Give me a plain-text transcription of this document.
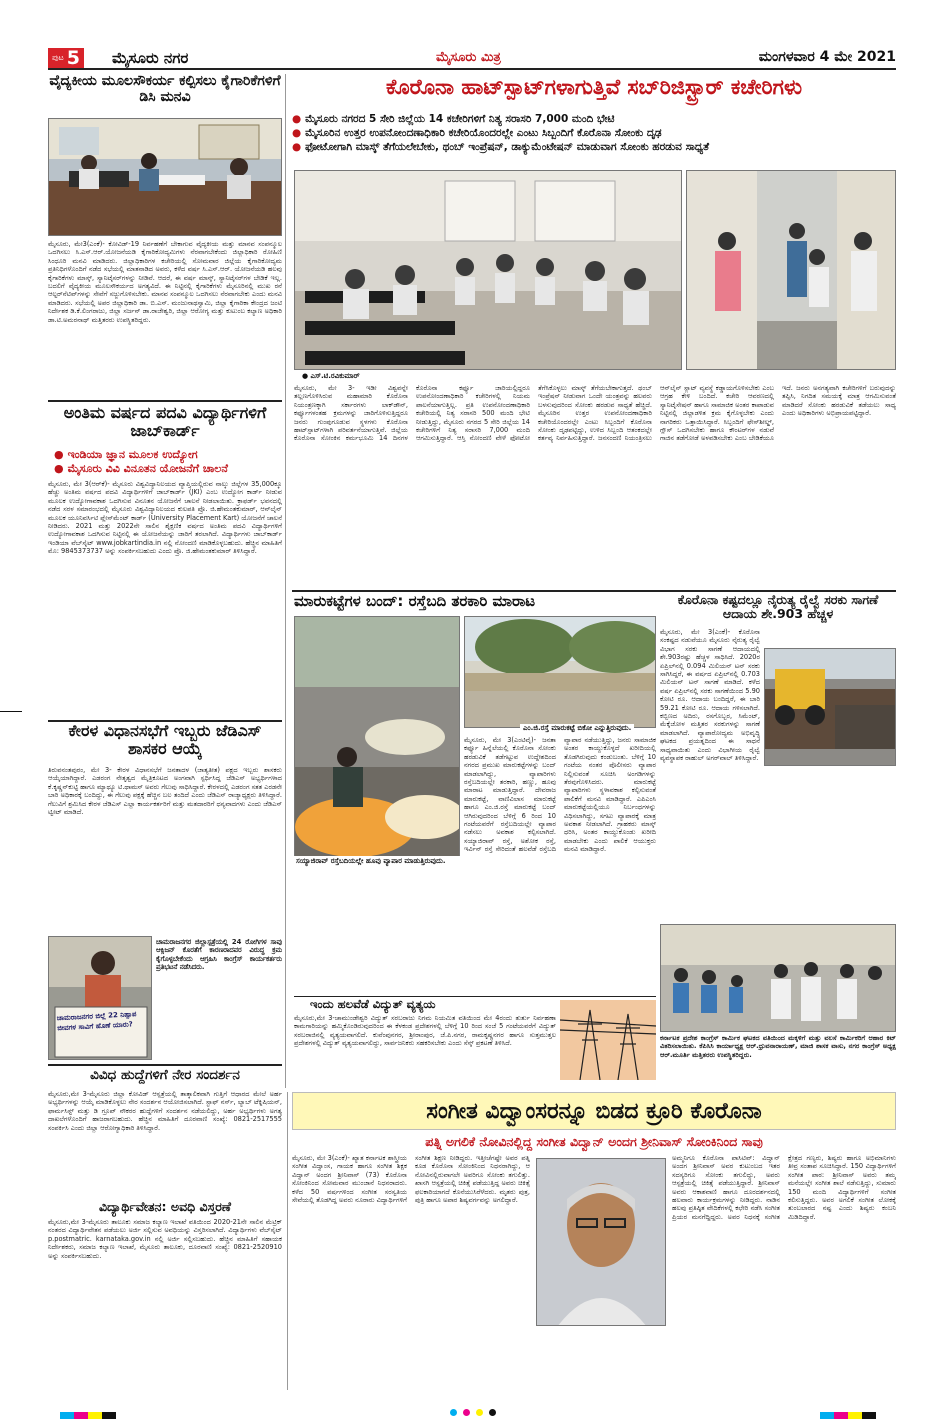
ಪುಟ 5 ಮೈಸೂರು ನಗರ	ಮೈಸೂರು ಮಿತ್ರ	ಮಂಗಳವಾರ 4 ಮೇ 2021
ವೈದ್ಯಕೀಯ ಮೂಲಸೌಕರ್ಯ ಕಲ್ಪಿಸಲು ಕೈಗಾರಿಕೆಗಳಿಗೆ ಡಿಸಿ ಮನವಿ
ಮೈಸೂರು, ಮೇ3(ಎಂಕೆ)- ಕೋವಿಡ್-19 ನಿರ್ವಹಣೆಗೆ ಬೇಕಾಗುವ ವೈದ್ಯಕೀಯ ಮತ್ತು ಮಾನವ ಸಂಪನ್ಮೂಲ ಒದಗಿಸಲು ಸಿ.ಎಸ್.ಆರ್.ಯೋಜನೆಯಡಿ ಕೈಗಾರಿಕೋದ್ಯಮಿಗಳು ನೆರವಾಗಬೇಕೆಂದು ಜಿಲ್ಲಾಧಿಕಾರಿ ರೋಹಿಣಿ ಸಿಂಧೂರಿ ಮನವಿ ಮಾಡಿದರು. ಜಿಲ್ಲಾಧಿಕಾರಿಗಳ ಕಚೇರಿಯಲ್ಲಿ ಸೋಮವಾರ ಜಿಲ್ಲೆಯ ಕೈಗಾರಿಕೋದ್ಯಮ ಪ್ರತಿನಿಧಿಗಳೊಂದಿಗೆ ನಡೆದ ಸಭೆಯಲ್ಲಿ ಮಾತನಾಡಿದ ಅವರು, ಕಳೆದ ವರ್ಷ ಸಿ.ಎಸ್.ಆರ್. ಯೋಜನೆಯಡಿ ಹಲವು ಕೈಗಾರಿಕೆಗಳು ಮಾಸ್ಕ್, ಸ್ಯಾನಿಟೈಸರ್‌ಗಳನ್ನು ನೀಡಿವೆ. ಆದರೆ, ಈ ವರ್ಷ ಮಾಸ್ಕ್, ಸ್ಯಾನಿಟೈಸರ್‌ಗಳ ಬೇಡಿಕೆ ಇಲ್ಲ. ಬದಲಿಗೆ ವೈದ್ಯಕೀಯ ಮೂಲಸೌಕರ್ಯದ ಅಗತ್ಯವಿದೆ. ಈ ನಿಟ್ಟಿನಲ್ಲಿ ಕೈಗಾರಿಕೆಗಳು ಮೈಸೂರಿನಲ್ಲಿ ಮುಖ ರನೆ ಆಲ್ಟರ್‌ನೆಟಿವ್‌ಗಳನ್ನು ಸೇವೆಗೆ ಸಜ್ಜುಗೊಳಿಸಬೇಕು. ಮಾನವ ಸಂಪನ್ಮೂಲ ಒದಗಿಸಲು ನೆರವಾಗಬೇಕು ಎಂದು ಮನವಿ ಮಾಡಿದರು. ಸಭೆಯಲ್ಲಿ ಅಪರ ಜಿಲ್ಲಾಧಿಕಾರಿ ಡಾ. ಬಿ.ಎಸ್. ಮಂಜುನಾಥಸ್ವಾಮಿ, ಜಿಲ್ಲಾ ಕೈಗಾರಿಕಾ ಕೇಂದ್ರದ ಜಂಟಿ ನಿರ್ದೇಶಕ ಡಿ.ಕೆ.ಲಿಂಗರಾಜು, ಜಿಲ್ಲಾ ಸರ್ಜನ್ ಡಾ.ರಾಜೇಶ್ವರಿ, ಜಿಲ್ಲಾ ಆರೋಗ್ಯ ಮತ್ತು ಕುಟುಂಬ ಕಲ್ಯಾಣ ಅಧಿಕಾರಿ ಡಾ.ಟಿ.ಅಮರನಾಥ್ ಮತ್ತಿತರರು ಉಪಸ್ಥಿತರಿದ್ದರು.
ಅಂತಿಮ ವರ್ಷದ ಪದವಿ ವಿದ್ಯಾರ್ಥಿಗಳಿಗೆ ಜಾಬ್‌ಕಾರ್ಡ್
● ಇಂಡಿಯಾ ಜ್ಞಾನ ಮೂಲಕ ಉದ್ಯೋಗ
● ಮೈಸೂರು ವಿವಿ ವಿನೂತನ ಯೋಜನೆಗೆ ಚಾಲನೆ
ಮೈಸೂರು, ಮೇ 3(ಆರ್‌ಕೆ)- ಮೈಸೂರು ವಿಶ್ವವಿದ್ಯಾನಿಲಯದ ವ್ಯಾಪ್ತಿಯಲ್ಲಿರುವ ನಾಲ್ಕು ಜಿಲ್ಲೆಗಳ 35,000ಕ್ಕೂ ಹೆಚ್ಚು ಅಂತಿಮ ವರ್ಷದ ಪದವಿ ವಿದ್ಯಾರ್ಥಿಗಳಿಗೆ ಜಾಬ್‌ಕಾರ್ಡ್ (JKI) ಎಂಬ ಉದ್ಯೋಗ ಕಾರ್ಡ್ ನೀಡುವ ಮೂಲಕ ಉದ್ಯೋಗಾವಕಾಶ ಒದಗಿಸುವ ವಿನೂತನ ಯೋಜನೆಗೆ ಚಾಲನೆ ನೀಡಲಾಯಿತು. ಕ್ರಾಫರ್ಡ್ ಭವನದಲ್ಲಿ ನಡೆದ ಸರಳ ಸಮಾರಂಭದಲ್ಲಿ ಮೈಸೂರು ವಿಶ್ವವಿದ್ಯಾನಿಲಯದ ಕುಲಪತಿ ಪ್ರೊ. ಜಿ.ಹೇಮಂತಕುಮಾರ್, ಆನ್‌ಲೈನ್ ಮೂಲಕ ಯೂನಿವರ್ಸಿಟಿ ಪ್ಲೇಸ್‌ಮೆಂಟ್ ಕಾರ್ಡ್ (University Placement Kart) ಯೋಜನೆಗೆ ಚಾಲನೆ ನೀಡಿದರು. 2021 ಮತ್ತು 2022ನೇ ಸಾಲಿನ ಶೈಕ್ಷಣಿಕ ವರ್ಷದ ಅಂತಿಮ ಪದವಿ ವಿದ್ಯಾರ್ಥಿಗಳಿಗೆ ಉದ್ಯೋಗಾವಕಾಶ ಒದಗಿಸುವ ನಿಟ್ಟಿನಲ್ಲಿ ಈ ಯೋಜನೆಯನ್ನು ಜಾರಿಗೆ ತರಲಾಗಿದೆ. ವಿದ್ಯಾರ್ಥಿಗಳು ಜಾಬ್‌ಕಾರ್ಡ್ ಇಂಡಿಯಾ ವೆಬ್‌ಸೈಟ್ www.jobkartindia.in ನಲ್ಲಿ ನೋಂದಣಿ ಮಾಡಿಕೊಳ್ಳಬಹುದು. ಹೆಚ್ಚಿನ ಮಾಹಿತಿಗೆ ಮೊ: 9845373737 ಅನ್ನು ಸಂಪರ್ಕಿಸಬಹುದು ಎಂದು ಪ್ರೊ. ಜಿ.ಹೇಮಂತಕುಮಾರ್ ತಿಳಿಸಿದ್ದಾರೆ.
ಕೇರಳ ವಿಧಾನಸಭೆಗೆ ಇಬ್ಬರು ಜೆಡಿಎಸ್ ಶಾಸಕರ ಆಯ್ಕೆ
ತಿರುವನಂತಪುರಂ, ಮೇ 3- ಕೇರಳ ವಿಧಾನಸಭೆಗೆ ಜನತಾದಳ (ಜಾತ್ಯತೀತ) ಪಕ್ಷದ ಇಬ್ಬರು ಶಾಸಕರು ಆಯ್ಕೆಯಾಗಿದ್ದಾರೆ. ಎಡರಂಗ ನೇತೃತ್ವದ ಮೈತ್ರಿಕೂಟದ ಅಂಗವಾಗಿ ಸ್ಪರ್ಧಿಸಿದ್ದ ಜೆಡಿಎಸ್ ಅಭ್ಯರ್ಥಿಗಳಾದ ಕೆ.ಕೃಷ್ಣನ್‌ಕುಟ್ಟಿ ಹಾಗೂ ಮ್ಯಾಥ್ಯೂ ಟಿ.ಥಾಮಸ್ ಅವರು ಗೆಲುವು ಸಾಧಿಸಿದ್ದಾರೆ. ಕೇರಳದಲ್ಲಿ ಎಡರಂಗ ಸತತ ಎರಡನೇ ಬಾರಿ ಅಧಿಕಾರಕ್ಕೆ ಬಂದಿದ್ದು, ಈ ಗೆಲುವು ಪಕ್ಷಕ್ಕೆ ಹೆಚ್ಚಿನ ಬಲ ತಂದಿದೆ ಎಂದು ಜೆಡಿಎಸ್ ರಾಜ್ಯಾಧ್ಯಕ್ಷರು ತಿಳಿಸಿದ್ದಾರೆ. ಗೆಲುವಿಗೆ ಶ್ರಮಿಸಿದ ಕೇರಳ ಜೆಡಿಎಸ್ ಎಲ್ಲಾ ಕಾರ್ಯಕರ್ತರಿಗೆ ಮತ್ತು ಮತದಾರರಿಗೆ ಧನ್ಯವಾದಗಳು ಎಂದು ಜೆಡಿಎಸ್ ಟ್ವೀಟ್ ಮಾಡಿದೆ.
ಚಾಮರಾಜನಗರ ಜಿಲ್ಲೆ 22 ನಿಷ್ಪಾಪ ಜೀವಗಳ ಸಾವಿಗೆ ಹೊಣೆ ಯಾರು?
ಚಾಮರಾಜನಗರ ಜಿಲ್ಲಾಸ್ಪತ್ರೆಯಲ್ಲಿ 24 ರೋಗಿಗಳ ಸಾವು ಆಕ್ಸಿಜನ್ ಕೊರತೆಗೆ ಕಾರಣರಾದವರ ವಿರುದ್ಧ ಕ್ರಮ ಕೈಗೊಳ್ಳಬೇಕೆಂದು ಆಗ್ರಹಿಸಿ ಕಾಂಗ್ರೆಸ್ ಕಾರ್ಯಕರ್ತರು ಪ್ರತಿಭಟನೆ ನಡೆಸಿದರು.
ವಿವಿಧ ಹುದ್ದೆಗಳಿಗೆ ನೇರ ಸಂದರ್ಶನ
ಮೈಸೂರು,ಮೇ 3-ಮೈಸೂರು ಜಿಲ್ಲಾ ಕೋವಿಡ್ ಆಸ್ಪತ್ರೆಯಲ್ಲಿ ತಾತ್ಕಾಲಿಕವಾಗಿ ಗುತ್ತಿಗೆ ಆಧಾರದ ಮೇಲೆ ಅರ್ಹ ಅಭ್ಯರ್ಥಿಗಳನ್ನು ಆಯ್ಕೆ ಮಾಡಿಕೊಳ್ಳಲು ನೇರ ಸಂದರ್ಶನ ಆಯೋಜಿಸಲಾಗಿದೆ. ಸ್ಟಾಫ್ ನರ್ಸ್, ಲ್ಯಾಬ್ ಟೆಕ್ನಿಷಿಯನ್, ಫಾರ್ಮಸಿಸ್ಟ್ ಮತ್ತು ಡಿ ಗ್ರೂಪ್ ನೌಕರರ ಹುದ್ದೆಗಳಿಗೆ ಸಂದರ್ಶನ ನಡೆಯಲಿದ್ದು, ಅರ್ಹ ಅಭ್ಯರ್ಥಿಗಳು ಅಗತ್ಯ ದಾಖಲೆಗಳೊಂದಿಗೆ ಹಾಜರಾಗಬಹುದು. ಹೆಚ್ಚಿನ ಮಾಹಿತಿಗೆ ದೂರವಾಣಿ ಸಂಖ್ಯೆ: 0821-2517555 ಸಂಪರ್ಕಿಸಿ ಎಂದು ಜಿಲ್ಲಾ ಆರೋಗ್ಯಾಧಿಕಾರಿ ತಿಳಿಸಿದ್ದಾರೆ.
ವಿದ್ಯಾರ್ಥಿವೇತನ: ಅವಧಿ ವಿಸ್ತರಣೆ
ಮೈಸೂರು,ಮೇ 3-ಮೈಸೂರು ತಾಲೂಕು ಸಮಾಜ ಕಲ್ಯಾಣ ಇಲಾಖೆ ವತಿಯಿಂದ 2020-21ನೇ ಸಾಲಿನ ಮೆಟ್ರಿಕ್ ನಂತರದ ವಿದ್ಯಾರ್ಥಿವೇತನ ಪಡೆಯಲು ಅರ್ಜಿ ಸಲ್ಲಿಸುವ ಅವಧಿಯನ್ನು ವಿಸ್ತರಿಸಲಾಗಿದೆ. ವಿದ್ಯಾರ್ಥಿಗಳು ವೆಬ್‌ಸೈಟ್ p.postmatric. karnataka.gov.in ನಲ್ಲಿ ಅರ್ಜಿ ಸಲ್ಲಿಸಬಹುದು. ಹೆಚ್ಚಿನ ಮಾಹಿತಿಗೆ ಸಹಾಯಕ ನಿರ್ದೇಶಕರು, ಸಮಾಜ ಕಲ್ಯಾಣ ಇಲಾಖೆ, ಮೈಸೂರು ತಾಲೂಕು, ದೂರವಾಣಿ ಸಂಖ್ಯೆ: 0821-2520910 ಅನ್ನು ಸಂಪರ್ಕಿಸಬಹುದು.
ಕೊರೊನಾ ಹಾಟ್‌ಸ್ಪಾಟ್‌ಗಳಾಗುತ್ತಿವೆ ಸಬ್‌ರಿಜಿಸ್ಟ್ರಾರ್ ಕಚೇರಿಗಳು
● ಮೈಸೂರು ನಗರದ 5 ಸೇರಿ ಜಿಲ್ಲೆಯ 14 ಕಚೇರಿಗಳಿಗೆ ನಿತ್ಯ ಸರಾಸರಿ 7,000 ಮಂದಿ ಭೇಟಿ
● ಮೈಸೂರಿನ ಉತ್ತರ ಉಪನೋಂದಣಾಧಿಕಾರಿ ಕಚೇರಿಯೊಂದರಲ್ಲೇ ಎಂಟು ಸಿಬ್ಬಂದಿಗೆ ಕೊರೊನಾ ಸೋಂಕು ದೃಢ
● ಫೋಟೋಗಾಗಿ ಮಾಸ್ಕ್ ತೆಗೆಯಲೇಬೇಕು, ಥಂಬ್ ಇಂಪ್ರೆಷನ್, ಡಾಕ್ಯುಮೆಂಟೇಷನ್ ಮಾಡುವಾಗ ಸೋಂಕು ಹರಡುವ ಸಾಧ್ಯತೆ
● ಎಸ್.ಟಿ.ರವಿಕುಮಾರ್
ಮೈಸೂರು, ಮೇ 3- ಇಡೀ ವಿಶ್ವವನ್ನೇ ತಲ್ಲಣಗೊಳಿಸಿರುವ ಮಹಾಮಾರಿ ಕೊರೊನಾ ನಿಯಂತ್ರಣಕ್ಕಾಗಿ ಸರ್ಕಾರಗಳು ಲಾಕ್‌ಡೌನ್, ಕರ್ಫ್ಯೂಗಳಂತಹ ಕ್ರಮಗಳನ್ನು ಜಾರಿಗೊಳಿಸುತ್ತಿದ್ದರೂ ಜನರು ಗುಂಪುಗೂಡುವ ಸ್ಥಳಗಳು ಕೊರೊನಾ ಹಾಟ್‌ಸ್ಪಾಟ್‌ಗಳಾಗಿ ಪರಿವರ್ತನೆಯಾಗುತ್ತಿವೆ. ಜಿಲ್ಲೆಯ ಕೊರೊನಾ ಸೋಂಕಿನ ಕರ್ಮಭೂಮಿ 14 ದಿನಗಳ ಕೊರೊನಾ ಕರ್ಫ್ಯೂ ಜಾರಿಯಲ್ಲಿದ್ದರೂ ಉಪನೋಂದಣಾಧಿಕಾರಿ ಕಚೇರಿಗಳಲ್ಲಿ ನಿಯಮ ಪಾಲನೆಯಾಗುತ್ತಿಲ್ಲ. ಪ್ರತಿ ಉಪನೋಂದಣಾಧಿಕಾರಿ ಕಚೇರಿಯಲ್ಲಿ ನಿತ್ಯ ಸರಾಸರಿ 500 ಮಂದಿ ಭೇಟಿ ನೀಡುತ್ತಿದ್ದು, ಮೈಸೂರು ನಗರದ 5 ಸೇರಿ ಜಿಲ್ಲೆಯ 14 ಕಚೇರಿಗಳಿಗೆ ನಿತ್ಯ ಸರಾಸರಿ 7,000 ಮಂದಿ ಆಗಮಿಸುತ್ತಿದ್ದಾರೆ. ಆಸ್ತಿ ನೋಂದಣಿ ವೇಳೆ ಫೋಟೋ ತೆಗೆಸಿಕೊಳ್ಳಲು ಮಾಸ್ಕ್ ತೆಗೆಯಬೇಕಾಗುತ್ತದೆ. ಥಂಬ್ ಇಂಪ್ರೆಷನ್ ನೀಡುವಾಗ ಒಂದೇ ಯಂತ್ರವನ್ನು ಹಲವರು ಬಳಸುವುದರಿಂದ ಸೋಂಕು ಹರಡುವ ಸಾಧ್ಯತೆ ಹೆಚ್ಚಿದೆ. ಮೈಸೂರಿನ ಉತ್ತರ ಉಪನೋಂದಣಾಧಿಕಾರಿ ಕಚೇರಿಯೊಂದರಲ್ಲೇ ಎಂಟು ಸಿಬ್ಬಂದಿಗೆ ಕೊರೊನಾ ಸೋಂಕು ದೃಢಪಟ್ಟಿದ್ದು, ಉಳಿದ ಸಿಬ್ಬಂದಿ ಆತಂಕದಲ್ಲೇ ಕರ್ತವ್ಯ ನಿರ್ವಹಿಸುತ್ತಿದ್ದಾರೆ. ಜನಸಂದಣಿ ನಿಯಂತ್ರಿಸಲು ಆನ್‌ಲೈನ್ ಸ್ಲಾಟ್ ವ್ಯವಸ್ಥೆ ಕಡ್ಡಾಯಗೊಳಿಸಬೇಕು ಎಂಬ ಆಗ್ರಹ ಕೇಳಿ ಬಂದಿದೆ. ಕಚೇರಿ ಆವರಣದಲ್ಲಿ ಸ್ಯಾನಿಟೈಸೇಷನ್ ಹಾಗೂ ಸಾಮಾಜಿಕ ಅಂತರ ಕಾಪಾಡುವ ನಿಟ್ಟಿನಲ್ಲಿ ಜಿಲ್ಲಾಡಳಿತ ಕ್ರಮ ಕೈಗೊಳ್ಳಬೇಕು ಎಂದು ನಾಗರಿಕರು ಒತ್ತಾಯಿಸಿದ್ದಾರೆ. ಸಿಬ್ಬಂದಿಗೆ ಫೇಸ್‌ಶೀಲ್ಡ್, ಗ್ಲೌಸ್ ಒದಗಿಸಬೇಕು ಹಾಗೂ ಕೌಂಟರ್‌ಗಳ ನಡುವೆ ಗಾಜಿನ ತಡೆಗೋಡೆ ಅಳವಡಿಸಬೇಕು ಎಂಬ ಬೇಡಿಕೆಯೂ ಇದೆ. ಜನರು ಅನಗತ್ಯವಾಗಿ ಕಚೇರಿಗಳಿಗೆ ಬರುವುದನ್ನು ತಪ್ಪಿಸಿ, ನಿಗದಿತ ಸಮಯಕ್ಕೆ ಮಾತ್ರ ಆಗಮಿಸುವಂತೆ ಮಾಡಿದರೆ ಸೋಂಕು ಹರಡುವಿಕೆ ತಡೆಯಲು ಸಾಧ್ಯ ಎಂದು ಅಧಿಕಾರಿಗಳು ಅಭಿಪ್ರಾಯಪಟ್ಟಿದ್ದಾರೆ.
ಮಾರುಕಟ್ಟೆಗಳ ಬಂದ್: ರಸ್ತೆಬದಿ ತರಕಾರಿ ಮಾರಾಟ
ಸಯ್ಯಾಜಿರಾವ್ ರಸ್ತೆಬದಿಯಲ್ಲೇ ಹೂವು ವ್ಯಾಪಾರ ಮಾಡುತ್ತಿರುವುದು.
ಎಂ.ಜಿ.ರಸ್ತೆ ಮಾರುಕಟ್ಟೆ ಬಿಕೋ ಎನ್ನುತ್ತಿರುವುದು.
ಮೈಸೂರು, ಮೇ 3(ಎಂಟಿವೈ)- ಜನತಾ ಕರ್ಫ್ಯೂ ಹಿನ್ನೆಲೆಯಲ್ಲಿ ಕೊರೊನಾ ಸೋಂಕು ಹರಡುವಿಕೆ ತಡೆಗಟ್ಟುವ ಉದ್ದೇಶದಿಂದ ನಗರದ ಪ್ರಮುಖ ಮಾರುಕಟ್ಟೆಗಳನ್ನು ಬಂದ್ ಮಾಡಲಾಗಿದ್ದು, ವ್ಯಾಪಾರಿಗಳು ರಸ್ತೆಬದಿಯಲ್ಲೇ ತರಕಾರಿ, ಹಣ್ಣು, ಹೂವು ಮಾರಾಟ ಮಾಡುತ್ತಿದ್ದಾರೆ. ದೇವರಾಜ ಮಾರುಕಟ್ಟೆ, ವಾಣಿವಿಲಾಸ ಮಾರುಕಟ್ಟೆ ಹಾಗೂ ಎಂ.ಜಿ.ರಸ್ತೆ ಮಾರುಕಟ್ಟೆ ಬಂದ್ ಆಗಿರುವುದರಿಂದ ಬೆಳಿಗ್ಗೆ 6 ರಿಂದ 10 ಗಂಟೆಯವರೆಗೆ ರಸ್ತೆಬದಿಯಲ್ಲೇ ವ್ಯಾಪಾರ ನಡೆಸಲು ಅವಕಾಶ ಕಲ್ಪಿಸಲಾಗಿದೆ. ಸಯ್ಯಾಜಿರಾವ್ ರಸ್ತೆ, ಅಶೋಕ ರಸ್ತೆ, ಇರ್ವಿನ್ ರಸ್ತೆ ಸೇರಿದಂತೆ ಹಲವೆಡೆ ರಸ್ತೆಬದಿ ವ್ಯಾಪಾರ ನಡೆಯುತ್ತಿದ್ದು, ಜನರು ಸಾಮಾಜಿಕ ಅಂತರ ಕಾಯ್ದುಕೊಳ್ಳದೆ ಖರೀದಿಯಲ್ಲಿ ತೊಡಗಿರುವುದು ಕಂಡುಬಂತು. ಬೆಳಿಗ್ಗೆ 10 ಗಂಟೆಯ ನಂತರ ಪೊಲೀಸರು ವ್ಯಾಪಾರ ನಿಲ್ಲಿಸುವಂತೆ ಸೂಚಿಸಿ ಅಂಗಡಿಗಳನ್ನು ತೆರವುಗೊಳಿಸಿದರು. ಮಾರುಕಟ್ಟೆ ವ್ಯಾಪಾರಿಗಳು ಸ್ಥಳಾವಕಾಶ ಕಲ್ಪಿಸುವಂತೆ ಪಾಲಿಕೆಗೆ ಮನವಿ ಮಾಡಿದ್ದಾರೆ. ಎಪಿಎಂಸಿ ಮಾರುಕಟ್ಟೆಯಲ್ಲಿಯೂ ನಿರ್ಬಂಧಗಳನ್ನು ವಿಧಿಸಲಾಗಿದ್ದು, ಸಗಟು ವ್ಯಾಪಾರಕ್ಕೆ ಮಾತ್ರ ಅವಕಾಶ ನೀಡಲಾಗಿದೆ. ಗ್ರಾಹಕರು ಮಾಸ್ಕ್ ಧರಿಸಿ, ಅಂತರ ಕಾಯ್ದುಕೊಂಡು ಖರೀದಿ ಮಾಡಬೇಕು ಎಂದು ಪಾಲಿಕೆ ಆಯುಕ್ತರು ಮನವಿ ಮಾಡಿದ್ದಾರೆ.
ಇಂದು ಹಲವೆಡೆ ವಿದ್ಯುತ್ ವ್ಯತ್ಯಯ
ಮೈಸೂರು,ಮೇ 3-ಚಾಮುಂಡೇಶ್ವರಿ ವಿದ್ಯುತ್ ಸರಬರಾಜು ನಿಗಮ ನಿಯಮಿತ ವತಿಯಿಂದ ಮೇ 4ರಂದು ತುರ್ತು ನಿರ್ವಹಣಾ ಕಾಮಗಾರಿಯನ್ನು ಹಮ್ಮಿಕೊಂಡಿರುವುದರಿಂದ ಈ ಕೆಳಕಂಡ ಪ್ರದೇಶಗಳಲ್ಲಿ ಬೆಳಿಗ್ಗೆ 10 ರಿಂದ ಸಂಜೆ 5 ಗಂಟೆಯವರೆಗೆ ವಿದ್ಯುತ್ ಸರಬರಾಜಿನಲ್ಲಿ ವ್ಯತ್ಯಯವಾಗಲಿದೆ. ಕುವೆಂಪುನಗರ, ಶ್ರೀರಾಂಪುರ, ಜೆ.ಪಿ.ನಗರ, ರಾಮಕೃಷ್ಣನಗರ ಹಾಗೂ ಸುತ್ತಮುತ್ತಲ ಪ್ರದೇಶಗಳಲ್ಲಿ ವಿದ್ಯುತ್ ವ್ಯತ್ಯಯವಾಗಲಿದ್ದು, ಸಾರ್ವಜನಿಕರು ಸಹಕರಿಸಬೇಕು ಎಂದು ಸೆಸ್ಕ್ ಪ್ರಕಟಣೆ ತಿಳಿಸಿದೆ.
ಕೊರೊನಾ ಕಷ್ಟದಲ್ಲೂ ನೈರುತ್ಯ ರೈಲ್ವೆ ಸರಕು ಸಾಗಣೆ ಆದಾಯ ಶೇ.903 ಹೆಚ್ಚಳ
ಮೈಸೂರು, ಮೇ 3(ಎಂಕೆ)- ಕೊರೊನಾ ಸಂಕಷ್ಟದ ನಡುವೆಯೂ ಮೈಸೂರು ನೈರುತ್ಯ ರೈಲ್ವೆ ವಿಭಾಗ ಸರಕು ಸಾಗಣೆ ಆದಾಯದಲ್ಲಿ ಶೇ.903ರಷ್ಟು ಹೆಚ್ಚಳ ಸಾಧಿಸಿದೆ. 2020ರ ಏಪ್ರಿಲ್‌ನಲ್ಲಿ 0.094 ಮಿಲಿಯನ್ ಟನ್ ಸರಕು ಸಾಗಿಸಿದ್ದರೆ, ಈ ವರ್ಷದ ಏಪ್ರಿಲ್‌ನಲ್ಲಿ 0.703 ಮಿಲಿಯನ್ ಟನ್ ಸಾಗಣೆ ಮಾಡಿದೆ. ಕಳೆದ ವರ್ಷ ಏಪ್ರಿಲ್‌ನಲ್ಲಿ ಸರಕು ಸಾಗಣೆಯಿಂದ 5.90 ಕೋಟಿ ರೂ. ಆದಾಯ ಬಂದಿದ್ದರೆ, ಈ ಬಾರಿ 59.21 ಕೋಟಿ ರೂ. ಆದಾಯ ಗಳಿಸಲಾಗಿದೆ. ಕಬ್ಬಿಣದ ಅದಿರು, ರಸಗೊಬ್ಬರ, ಸಿಮೆಂಟ್, ಮೆಕ್ಕೆಜೋಳ ಮತ್ತಿತರ ಸರಕುಗಳನ್ನು ಸಾಗಣೆ ಮಾಡಲಾಗಿದೆ. ವ್ಯಾಪಾರೋದ್ಯಮ ಅಭಿವೃದ್ಧಿ ಘಟಕದ ಪ್ರಯತ್ನದಿಂದ ಈ ಸಾಧನೆ ಸಾಧ್ಯವಾಯಿತು ಎಂದು ವಿಭಾಗೀಯ ರೈಲ್ವೆ ವ್ಯವಸ್ಥಾಪಕ ರಾಹುಲ್ ಅಗರ್‌ವಾಲ್ ತಿಳಿಸಿದ್ದಾರೆ.
ಕರ್ನಾಟಕ ಪ್ರದೇಶ ಕಾಂಗ್ರೆಸ್ ಕಾರ್ಮಿಕ ಘಟಕದ ವತಿಯಿಂದ ಮಕ್ಕಳಿಗೆ ಮತ್ತು ವಲಸೆ ಕಾರ್ಮಿಕರಿಗೆ ಆಹಾರ ಕಿಟ್ ವಿತರಿಸಲಾಯಿತು. ಕೆಪಿಸಿಸಿ ಕಾರ್ಯಾಧ್ಯಕ್ಷ ಆರ್.ಧ್ರುವನಾರಾಯಣ್, ಮಾಜಿ ಶಾಸಕ ವಾಸು, ನಗರ ಕಾಂಗ್ರೆಸ್ ಅಧ್ಯಕ್ಷ ಆರ್.ಮೂರ್ತಿ ಮತ್ತಿತರರು ಉಪಸ್ಥಿತರಿದ್ದರು.
ಸಂಗೀತ ವಿದ್ವಾಂಸರನ್ನೂ ಬಿಡದ ಕ್ರೂರಿ ಕೊರೊನಾ
ಪತ್ನಿ ಅಗಲಿಕೆ ನೋವಿನಲ್ಲಿದ್ದ ಸಂಗೀತ ವಿದ್ವಾನ್ ಅಂದಗ ಶ್ರೀನಿವಾಸ್ ಸೋಂಕಿನಿಂದ ಸಾವು
ಮೈಸೂರು, ಮೇ 3(ಎಂಕೆ)- ಖ್ಯಾತ ಕರ್ನಾಟಕ ಶಾಸ್ತ್ರೀಯ ಸಂಗೀತ ವಿದ್ವಾಂಸ, ಗಾಯಕ ಹಾಗೂ ಸಂಗೀತ ಶಿಕ್ಷಕ ವಿದ್ವಾನ್ ಅಂದಗ ಶ್ರೀನಿವಾಸ್ (73) ಕೊರೊನಾ ಸೋಂಕಿನಿಂದ ಸೋಮವಾರ ಮುಂಜಾನೆ ನಿಧನರಾದರು. ಕಳೆದ 50 ವರ್ಷಗಳಿಂದ ಸಂಗೀತ ಸರಸ್ವತಿಯ ಸೇವೆಯಲ್ಲಿ ತೊಡಗಿದ್ದ ಅವರು ನೂರಾರು ವಿದ್ಯಾರ್ಥಿಗಳಿಗೆ ಸಂಗೀತ ಶಿಕ್ಷಣ ನೀಡಿದ್ದರು. ಇತ್ತೀಚೆಗಷ್ಟೇ ಅವರ ಪತ್ನಿ ಕೂಡ ಕೊರೊನಾ ಸೋಂಕಿನಿಂದ ನಿಧನರಾಗಿದ್ದು, ಆ ನೋವಿನಲ್ಲಿರುವಾಗಲೇ ಅವರಿಗೂ ಸೋಂಕು ತಗುಲಿತ್ತು. ಖಾಸಗಿ ಆಸ್ಪತ್ರೆಯಲ್ಲಿ ಚಿಕಿತ್ಸೆ ಪಡೆಯುತ್ತಿದ್ದ ಅವರು ಚಿಕಿತ್ಸೆ ಫಲಕಾರಿಯಾಗದೆ ಕೊನೆಯುಸಿರೆಳೆದರು. ಮೃತರು ಪುತ್ರ, ಪುತ್ರಿ ಹಾಗೂ ಅಪಾರ ಶಿಷ್ಯವರ್ಗವನ್ನು ಅಗಲಿದ್ದಾರೆ.
ಅಮ್ಮನಿಗೂ ಕೊರೊನಾ ಪಾಸಿಟಿವ್: ವಿದ್ವಾನ್ ಅಂದಗ ಶ್ರೀನಿವಾಸ್ ಅವರ ಕುಟುಂಬದ ಇತರ ಸದಸ್ಯರಿಗೂ ಸೋಂಕು ತಗುಲಿದ್ದು, ಅವರು ಆಸ್ಪತ್ರೆಯಲ್ಲಿ ಚಿಕಿತ್ಸೆ ಪಡೆಯುತ್ತಿದ್ದಾರೆ. ಶ್ರೀನಿವಾಸ್ ಅವರು ಆಕಾಶವಾಣಿ ಹಾಗೂ ದೂರದರ್ಶನದಲ್ಲಿ ಹಲವಾರು ಕಾರ್ಯಕ್ರಮಗಳನ್ನು ನೀಡಿದ್ದರು. ನಾಡಿನ ಹಲವು ಪ್ರತಿಷ್ಠಿತ ವೇದಿಕೆಗಳಲ್ಲಿ ಕಛೇರಿ ನಡೆಸಿ ಸಂಗೀತ ಪ್ರಿಯರ ಮನಗೆದ್ದಿದ್ದರು. ಅವರ ನಿಧನಕ್ಕೆ ಸಂಗೀತ ಕ್ಷೇತ್ರದ ಗಣ್ಯರು, ಶಿಷ್ಯರು ಹಾಗೂ ಅಭಿಮಾನಿಗಳು ತೀವ್ರ ಸಂತಾಪ ಸೂಚಿಸಿದ್ದಾರೆ. 150 ವಿದ್ಯಾರ್ಥಿಗಳಿಗೆ ಸಂಗೀತ ಪಾಠ: ಶ್ರೀನಿವಾಸ್ ಅವರು ತಮ್ಮ ಮನೆಯಲ್ಲೇ ಸಂಗೀತ ಶಾಲೆ ನಡೆಸುತ್ತಿದ್ದು, ಸುಮಾರು 150 ಮಂದಿ ವಿದ್ಯಾರ್ಥಿಗಳಿಗೆ ಸಂಗೀತ ಕಲಿಸುತ್ತಿದ್ದರು. ಅವರ ಅಗಲಿಕೆ ಸಂಗೀತ ಲೋಕಕ್ಕೆ ತುಂಬಲಾರದ ನಷ್ಟ ಎಂದು ಶಿಷ್ಯರು ಕಂಬನಿ ಮಿಡಿದಿದ್ದಾರೆ.
